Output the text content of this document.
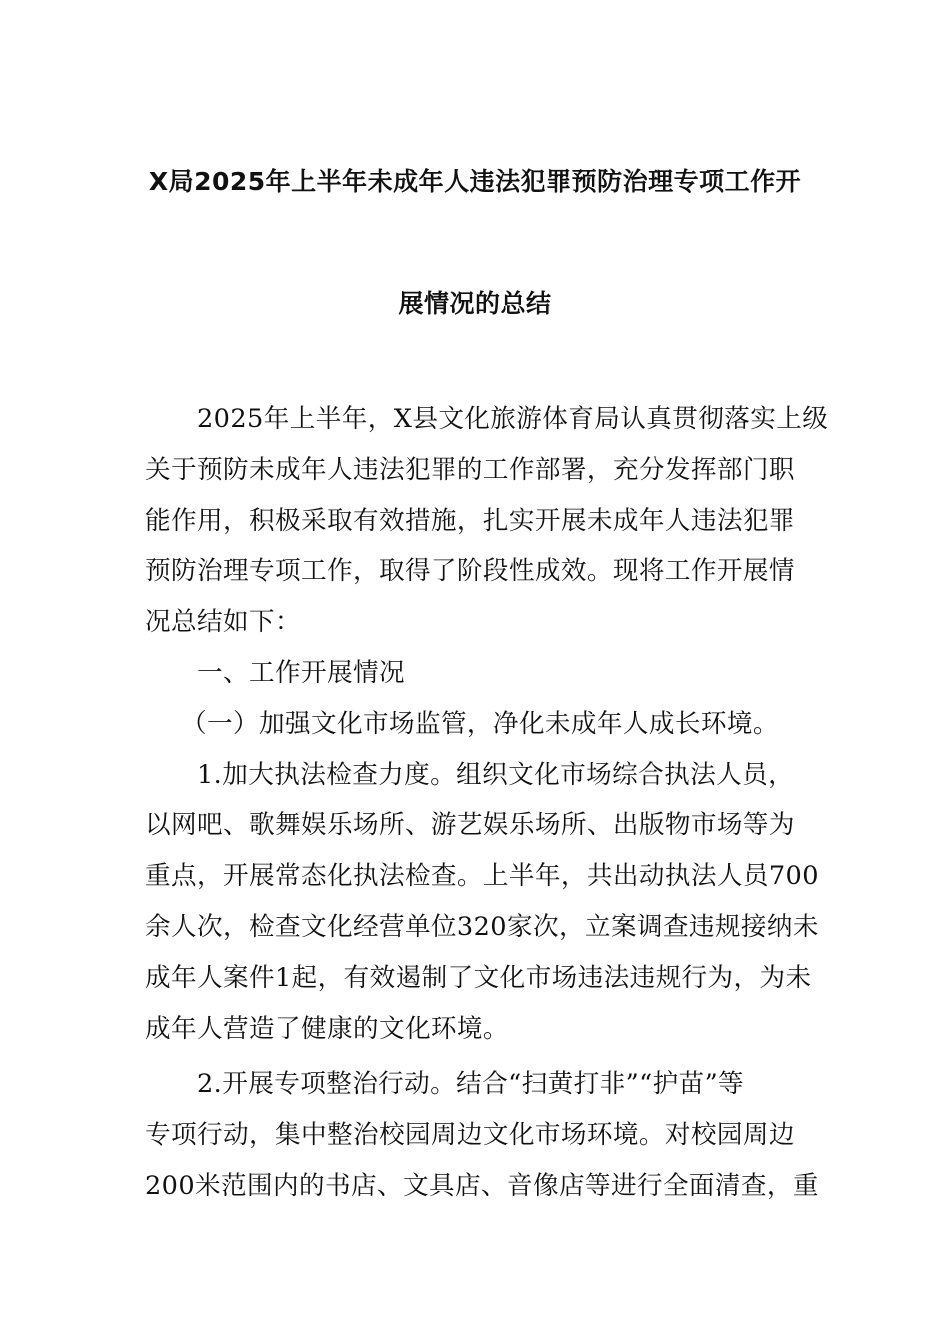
X局2025年上半年未成年人违法犯罪预防治理专项工作开
展情况的总结
2025年上半年，X县文化旅游体育局认真贯彻落实上级
关于预防未成年人违法犯罪的工作部署，充分发挥部门职
能作用，积极采取有效措施，扎实开展未成年人违法犯罪
预防治理专项工作，取得了阶段性成效。现将工作开展情
况总结如下：
一、工作开展情况
（一）加强文化市场监管，净化未成年人成长环境。
1.加大执法检查力度。组织文化市场综合执法人员，
以网吧、歌舞娱乐场所、游艺娱乐场所、出版物市场等为
重点，开展常态化执法检查。上半年，共出动执法人员700
余人次，检查文化经营单位320家次，立案调查违规接纳未
成年人案件1起，有效遏制了文化市场违法违规行为，为未
成年人营造了健康的文化环境。
2.开展专项整治行动。结合“扫黄打非”“护苗”等
专项行动，集中整治校园周边文化市场环境。对校园周边
200米范围内的书店、文具店、音像店等进行全面清查，重
